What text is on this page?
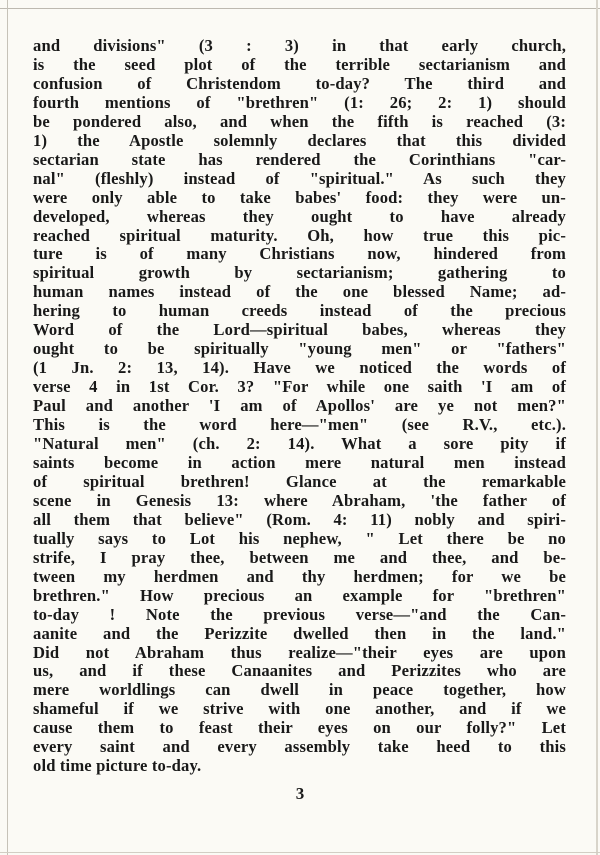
and divisions" (3 : 3) in that early church,
is the seed plot of the terrible sectarianism and
confusion of Christendom to-day? The third and
fourth mentions of "brethren" (1: 26; 2: 1) should
be pondered also, and when the fifth is reached (3:
1) the Apostle solemnly declares that this divided
sectarian state has rendered the Corinthians "car-
nal" (fleshly) instead of "spiritual." As such they
were only able to take babes' food: they were un-
developed, whereas they ought to have already
reached spiritual maturity. Oh, how true this pic-
ture is of many Christians now, hindered from
spiritual growth by sectarianism; gathering to
human names instead of the one blessed Name; ad-
hering to human creeds instead of the precious
Word of the Lord—spiritual babes, whereas they
ought to be spiritually "young men" or "fathers"
(1 Jn. 2: 13, 14). Have we noticed the words of
verse 4 in 1st Cor. 3? "For while one saith 'I am of
Paul and another 'I am of Apollos' are ye not men?"
This is the word here—"men" (see R.V., etc.).
"Natural men" (ch. 2: 14). What a sore pity if
saints become in action mere natural men instead
of spiritual brethren! Glance at the remarkable
scene in Genesis 13: where Abraham, 'the father of
all them that believe" (Rom. 4: 11) nobly and spiri-
tually says to Lot his nephew, " Let there be no
strife, I pray thee, between me and thee, and be-
tween my herdmen and thy herdmen; for we be
brethren." How precious an example for "brethren"
to-day ! Note the previous verse—"and the Can-
aanite and the Perizzite dwelled then in the land."
Did not Abraham thus realize—"their eyes are upon
us, and if these Canaanites and Perizzites who are
mere worldlings can dwell in peace together, how
shameful if we strive with one another, and if we
cause them to feast their eyes on our folly?" Let
every saint and every assembly take heed to this
old time picture to-day.
3
